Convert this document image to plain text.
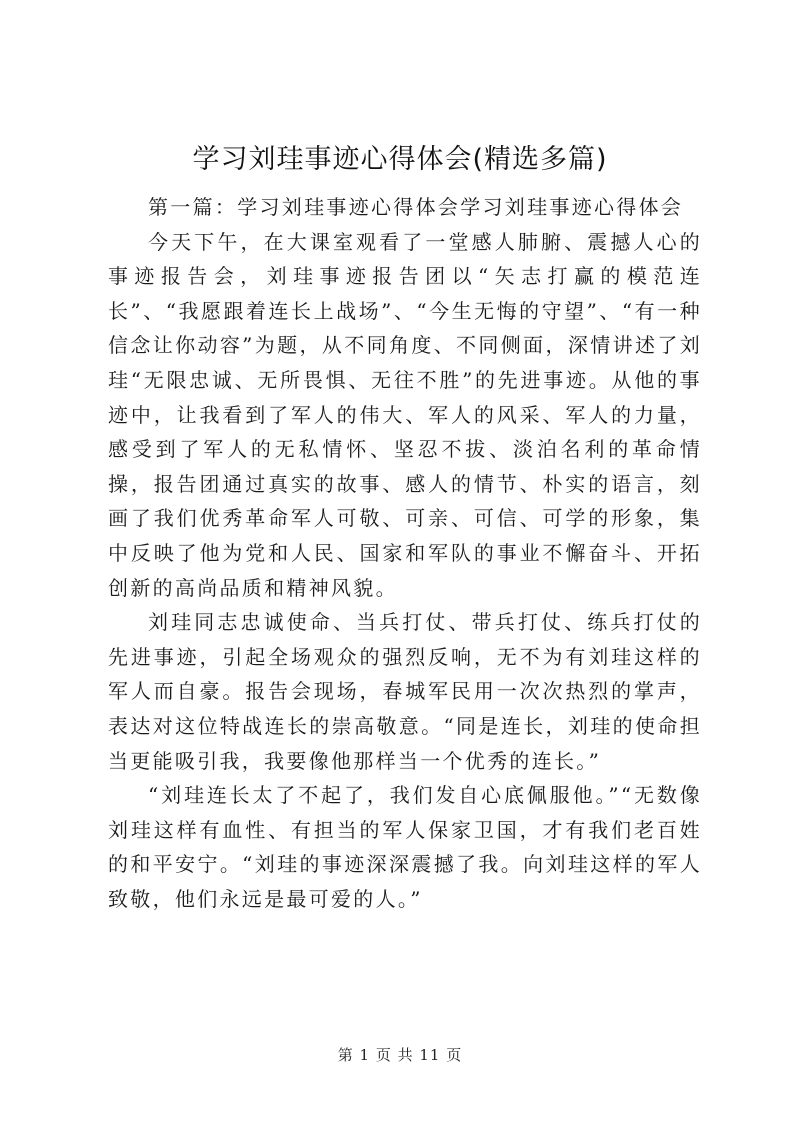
学习刘珪事迹心得体会(精选多篇)

第一篇：学习刘珪事迹心得体会学习刘珪事迹心得体会

今天下午，在大课室观看了一堂感人肺腑、震撼人心的事迹报告会，刘珪事迹报告团以“矢志打赢的模范连长”、“我愿跟着连长上战场”、“今生无悔的守望”、“有一种信念让你动容”为题，从不同角度、不同侧面，深情讲述了刘珪“无限忠诚、无所畏惧、无往不胜”的先进事迹。从他的事迹中，让我看到了军人的伟大、军人的风采、军人的力量，感受到了军人的无私情怀、坚忍不拔、淡泊名利的革命情操，报告团通过真实的故事、感人的情节、朴实的语言，刻画了我们优秀革命军人可敬、可亲、可信、可学的形象，集中反映了他为党和人民、国家和军队的事业不懈奋斗、开拓创新的高尚品质和精神风貌。

刘珪同志忠诚使命、当兵打仗、带兵打仗、练兵打仗的先进事迹，引起全场观众的强烈反响，无不为有刘珪这样的军人而自豪。报告会现场，春城军民用一次次热烈的掌声，表达对这位特战连长的崇高敬意。“同是连长，刘珪的使命担当更能吸引我，我要像他那样当一个优秀的连长。”

“刘珪连长太了不起了，我们发自心底佩服他。”“无数像刘珪这样有血性、有担当的军人保家卫国，才有我们老百姓的和平安宁。“刘珪的事迹深深震撼了我。向刘珪这样的军人致敬，他们永远是最可爱的人。”

第 1 页 共 11 页
